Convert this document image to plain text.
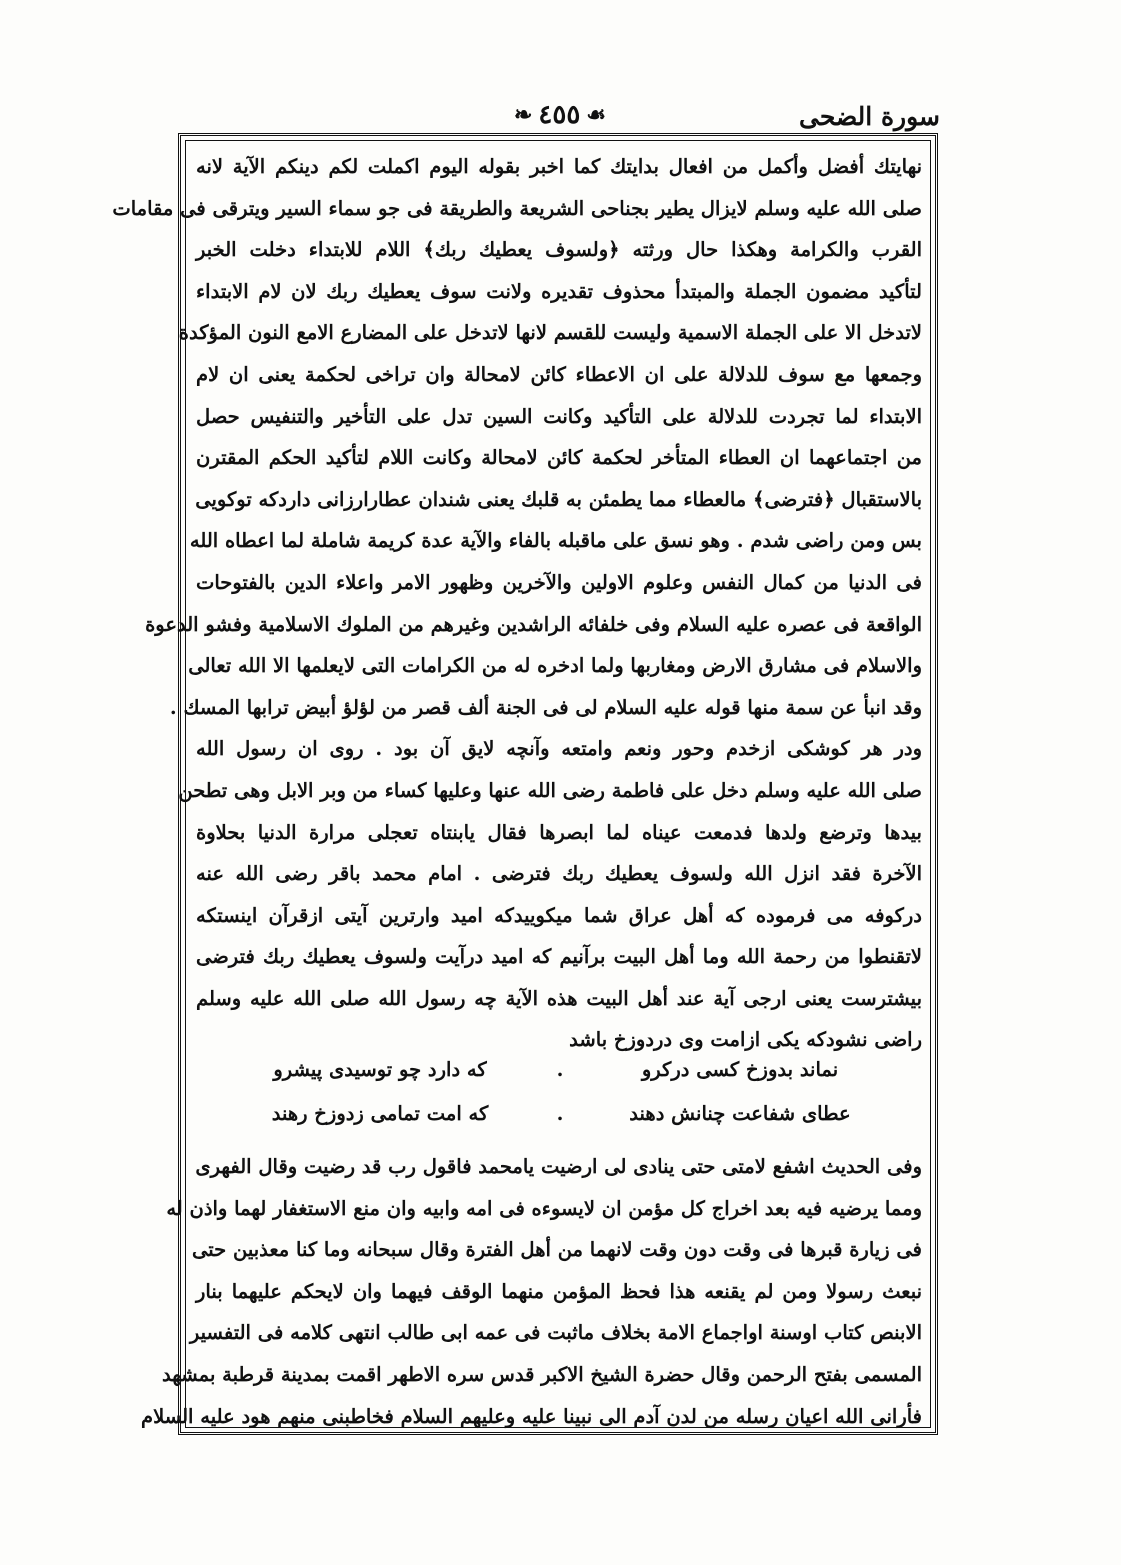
سورة الضحى
❧ ٤٥٥ ☙
نهايتك أفضل وأكمل من افعال بدايتك كما اخبر بقوله اليوم اكملت لكم دينكم الآية لانه
صلى الله عليه وسلم لايزال يطير بجناحى الشريعة والطريقة فى جو سماء السير ويترقى فى مقامات
القرب والكرامة وهكذا حال ورثته ﴿ولسوف يعطيك ربك﴾ اللام للابتداء دخلت الخبر
لتأكيد مضمون الجملة والمبتدأ محذوف تقديره ولانت سوف يعطيك ربك لان لام الابتداء
لاتدخل الا على الجملة الاسمية وليست للقسم لانها لاتدخل على المضارع الامع النون المؤكدة
وجمعها مع سوف للدلالة على ان الاعطاء كائن لامحالة وان تراخى لحكمة يعنى ان لام
الابتداء لما تجردت للدلالة على التأكيد وكانت السين تدل على التأخير والتنفيس حصل
من اجتماعهما ان العطاء المتأخر لحكمة كائن لامحالة وكانت اللام لتأكيد الحكم المقترن
بالاستقبال ﴿فترضى﴾ مالعطاء مما يطمئن به قلبك يعنى شندان عطارارزانى داردكه توكويى
بس ومن راضى شدم . وهو نسق على ماقبله بالفاء والآية عدة كريمة شاملة لما اعطاه الله
فى الدنيا من كمال النفس وعلوم الاولين والآخرين وظهور الامر واعلاء الدين بالفتوحات
الواقعة فى عصره عليه السلام وفى خلفائه الراشدين وغيرهم من الملوك الاسلامية وفشو الدعوة
والاسلام فى مشارق الارض ومغاربها ولما ادخره له من الكرامات التى لايعلمها الا الله تعالى
وقد انبأ عن سمة منها قوله عليه السلام لى فى الجنة ألف قصر من لؤلؤ أبيض ترابها المسك .
ودر هر كوشكى ازخدم وحور ونعم وامتعه وآنچه لايق آن بود . روى ان رسول الله
صلى الله عليه وسلم دخل على فاطمة رضى الله عنها وعليها كساء من وبر الابل وهى تطحن
بيدها وترضع ولدها فدمعت عيناه لما ابصرها فقال يابنتاه تعجلى مرارة الدنيا بحلاوة
الآخرة فقد انزل الله ولسوف يعطيك ربك فترضى . امام محمد باقر رضى الله عنه
دركوفه مى فرموده كه أهل عراق شما ميكوييدكه اميد وارترين آيتى ازقرآن اينستكه
لاتقنطوا من رحمة الله وما أهل البيت برآنيم كه اميد درآيت ولسوف يعطيك ربك فترضى
بيشترست يعنى ارجى آية عند أهل البيت هذه الآية چه رسول الله صلى الله عليه وسلم
راضى نشودكه يكى ازامت وى دردوزخ باشد
نماند بدوزخ كسى دركرو
.
كه دارد چو توسيدى پيشرو
عطاى شفاعت چنانش دهند
.
كه امت تمامى زدوزخ رهند
وفى الحديث اشفع لامتى حتى ينادى لى ارضيت يامحمد فاقول رب قد رضيت وقال الفهرى
ومما يرضيه فيه بعد اخراج كل مؤمن ان لايسوءه فى امه وابيه وان منع الاستغفار لهما واذن له
فى زيارة قبرها فى وقت دون وقت لانهما من أهل الفترة وقال سبحانه وما كنا معذبين حتى
نبعث رسولا ومن لم يقنعه هذا فحظ المؤمن منهما الوقف فيهما وان لايحكم عليهما بنار
الابنص كتاب اوسنة اواجماع الامة بخلاف ماثبت فى عمه ابى طالب انتهى كلامه فى التفسير
المسمى بفتح الرحمن وقال حضرة الشيخ الاكبر قدس سره الاطهر اقمت بمدينة قرطبة بمشهد
فأرانى الله اعيان رسله من لدن آدم الى نبينا عليه وعليهم السلام فخاطبنى منهم هود عليه السلام
